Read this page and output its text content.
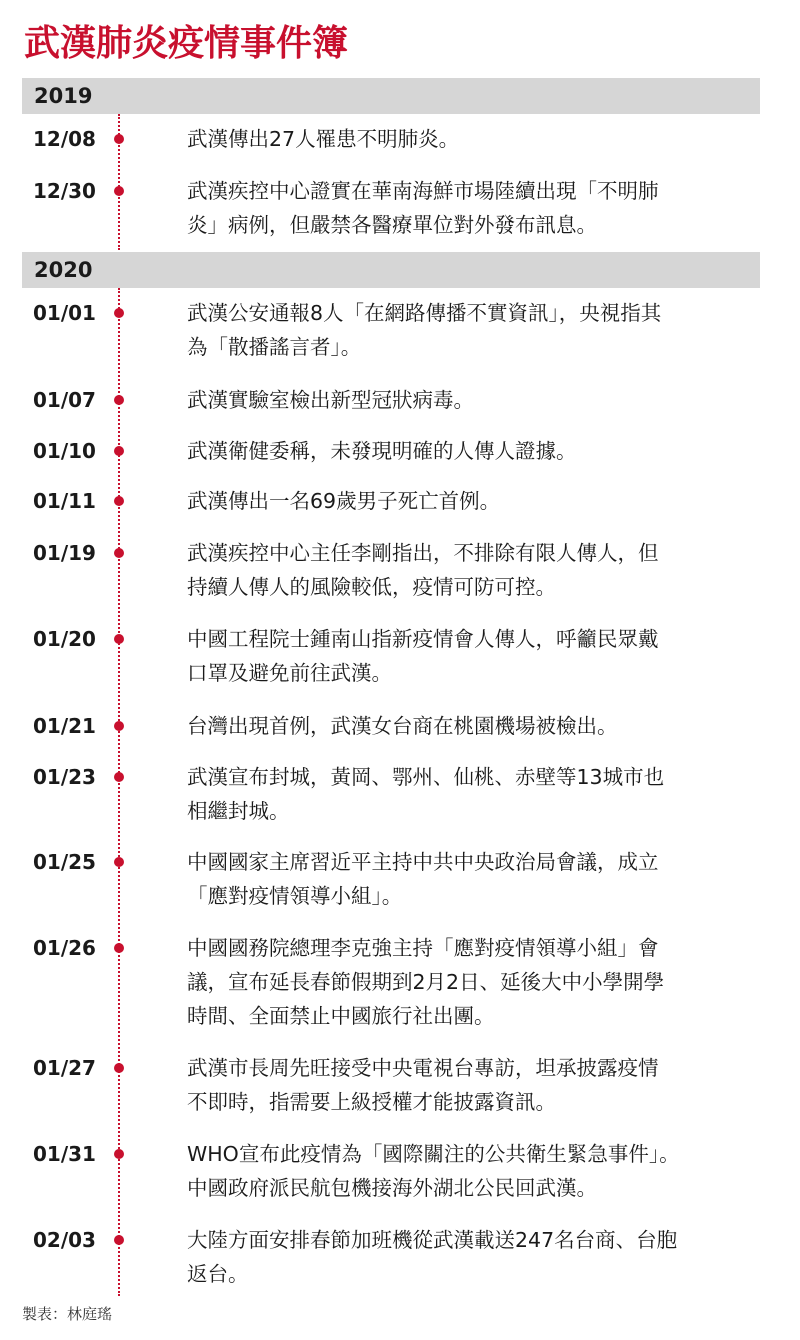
武漢肺炎疫情事件簿
2019
12/08	武漢傳出27人罹患不明肺炎。
12/30	武漢疾控中心證實在華南海鮮市場陸續出現「不明肺
炎」病例，但嚴禁各醫療單位對外發布訊息。
2020
01/01	武漢公安通報8人「在網路傳播不實資訊」，央視指其
為「散播謠言者」。
01/07	武漢實驗室檢出新型冠狀病毒。
01/10	武漢衛健委稱，未發現明確的人傳人證據。
01/11	武漢傳出一名69歲男子死亡首例。
01/19	武漢疾控中心主任李剛指出，不排除有限人傳人，但
持續人傳人的風險較低，疫情可防可控。
01/20	中國工程院士鍾南山指新疫情會人傳人，呼籲民眾戴
口罩及避免前往武漢。
01/21	台灣出現首例，武漢女台商在桃園機場被檢出。
01/23	武漢宣布封城，黃岡、鄂州、仙桃、赤壁等13城市也
相繼封城。
01/25	中國國家主席習近平主持中共中央政治局會議，成立
「應對疫情領導小組」。
01/26	中國國務院總理李克強主持「應對疫情領導小組」會
議，宣布延長春節假期到2月2日、延後大中小學開學
時間、全面禁止中國旅行社出團。
01/27	武漢市長周先旺接受中央電視台專訪，坦承披露疫情
不即時，指需要上級授權才能披露資訊。
01/31	WHO宣布此疫情為「國際關注的公共衛生緊急事件」。
中國政府派民航包機接海外湖北公民回武漢。
02/03	大陸方面安排春節加班機從武漢載送247名台商、台胞
返台。
製表：林庭瑤
